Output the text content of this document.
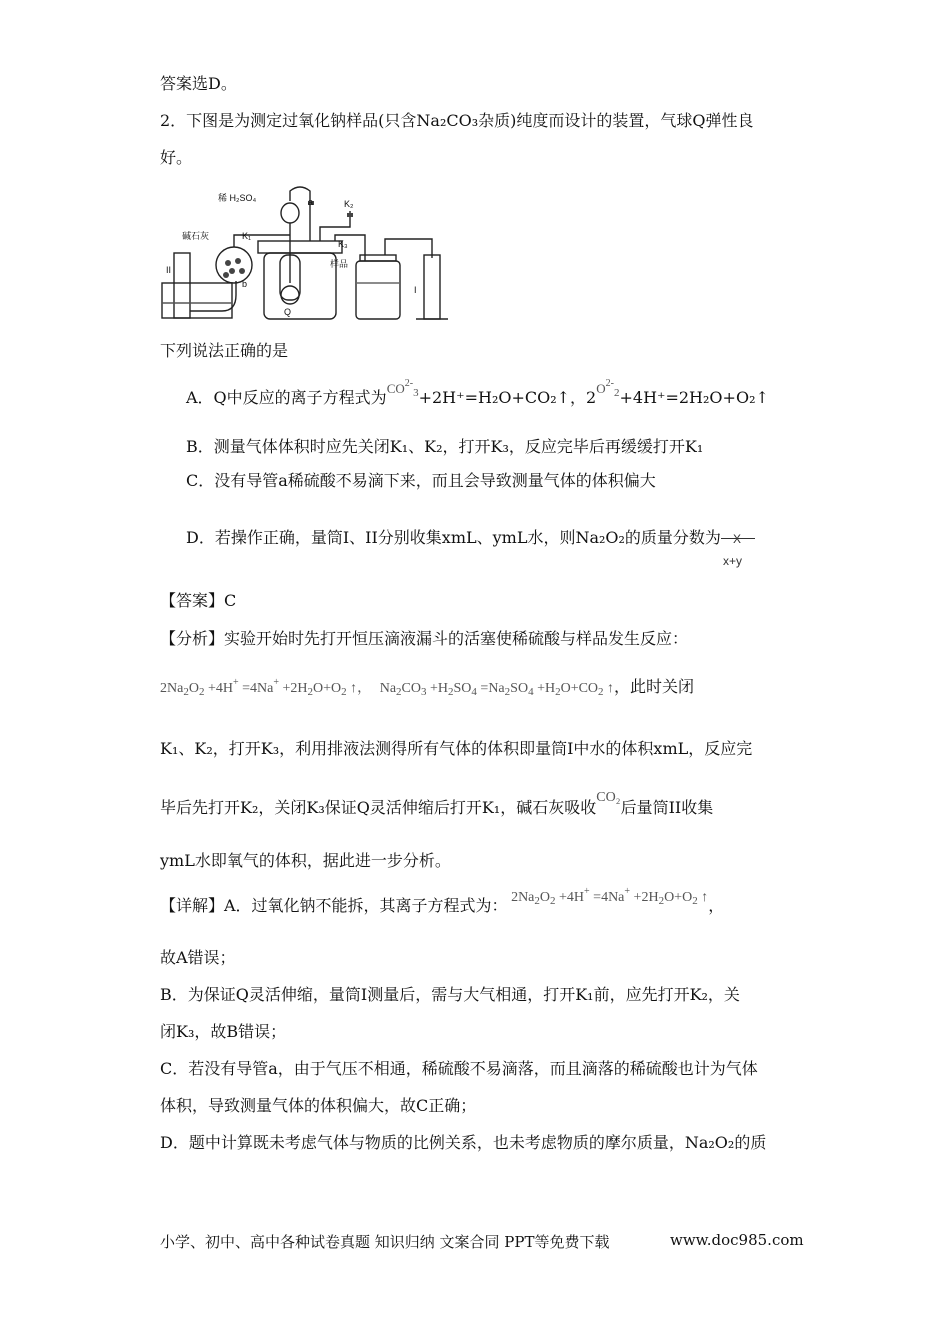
答案选D。
2．下图是为测定过氧化钠样品(只含Na₂CO₃杂质)纯度而设计的装置，气球Q弹性良
好。
稀 H₂SO₄	a	K₂
碱石灰	K₁
K₃
样品
II
b
Q
I
下列说法正确的是
A．Q中反应的离子方程式为$^{CO^{2-}_3}$+2H⁺=H₂O+CO₂↑，$2^{O^{2-}_2}+4H^+=2H_2O+O_2↑$
B．测量气体体积时应先关闭K₁、K₂，打开K₃，反应完毕后再缓缓打开K₁
C．没有导管a稀硫酸不易滴下来，而且会导致测量气体的体积偏大
D．若操作正确，量筒I、II分别收集xmL、ymL水，则Na₂O₂的质量分数为 X
x+y
【答案】C
【分析】实验开始时先打开恒压滴液漏斗的活塞使稀硫酸与样品发生反应：
$2Na_2O_2 +4H^+ =4Na^+ +2H_2O+O_2$ ↑，  $Na_2CO_3 +H_2SO_4 =Na_2SO_4 +H_2O+CO_2$ ↑，此时关闭
K₁、K₂，打开K₃，利用排液法测得所有气体的体积即量筒I中水的体积xmL，反应完
毕后先打开K₂，关闭K₃保证Q灵活伸缩后打开K₁，碱石灰吸收CO₂后量筒II收集
ymL水即氧气的体积，据此进一步分析。
【详解】A．过氧化钠不能拆，其离子方程式为： $2Na_2O_2 +4H^+ =4Na^+ +2H_2O+O_2$ ↑，
故A错误；
B．为保证Q灵活伸缩，量筒I测量后，需与大气相通，打开K₁前，应先打开K₂，关
闭K₃，故B错误；
C．若没有导管a，由于气压不相通，稀硫酸不易滴落，而且滴落的稀硫酸也计为气体
体积，导致测量气体的体积偏大，故C正确；
D．题中计算既未考虑气体与物质的比例关系，也未考虑物质的摩尔质量，Na₂O₂的质
小学、初中、高中各种试卷真题 知识归纳 文案合同 PPT等免费下载	www.doc985.com
